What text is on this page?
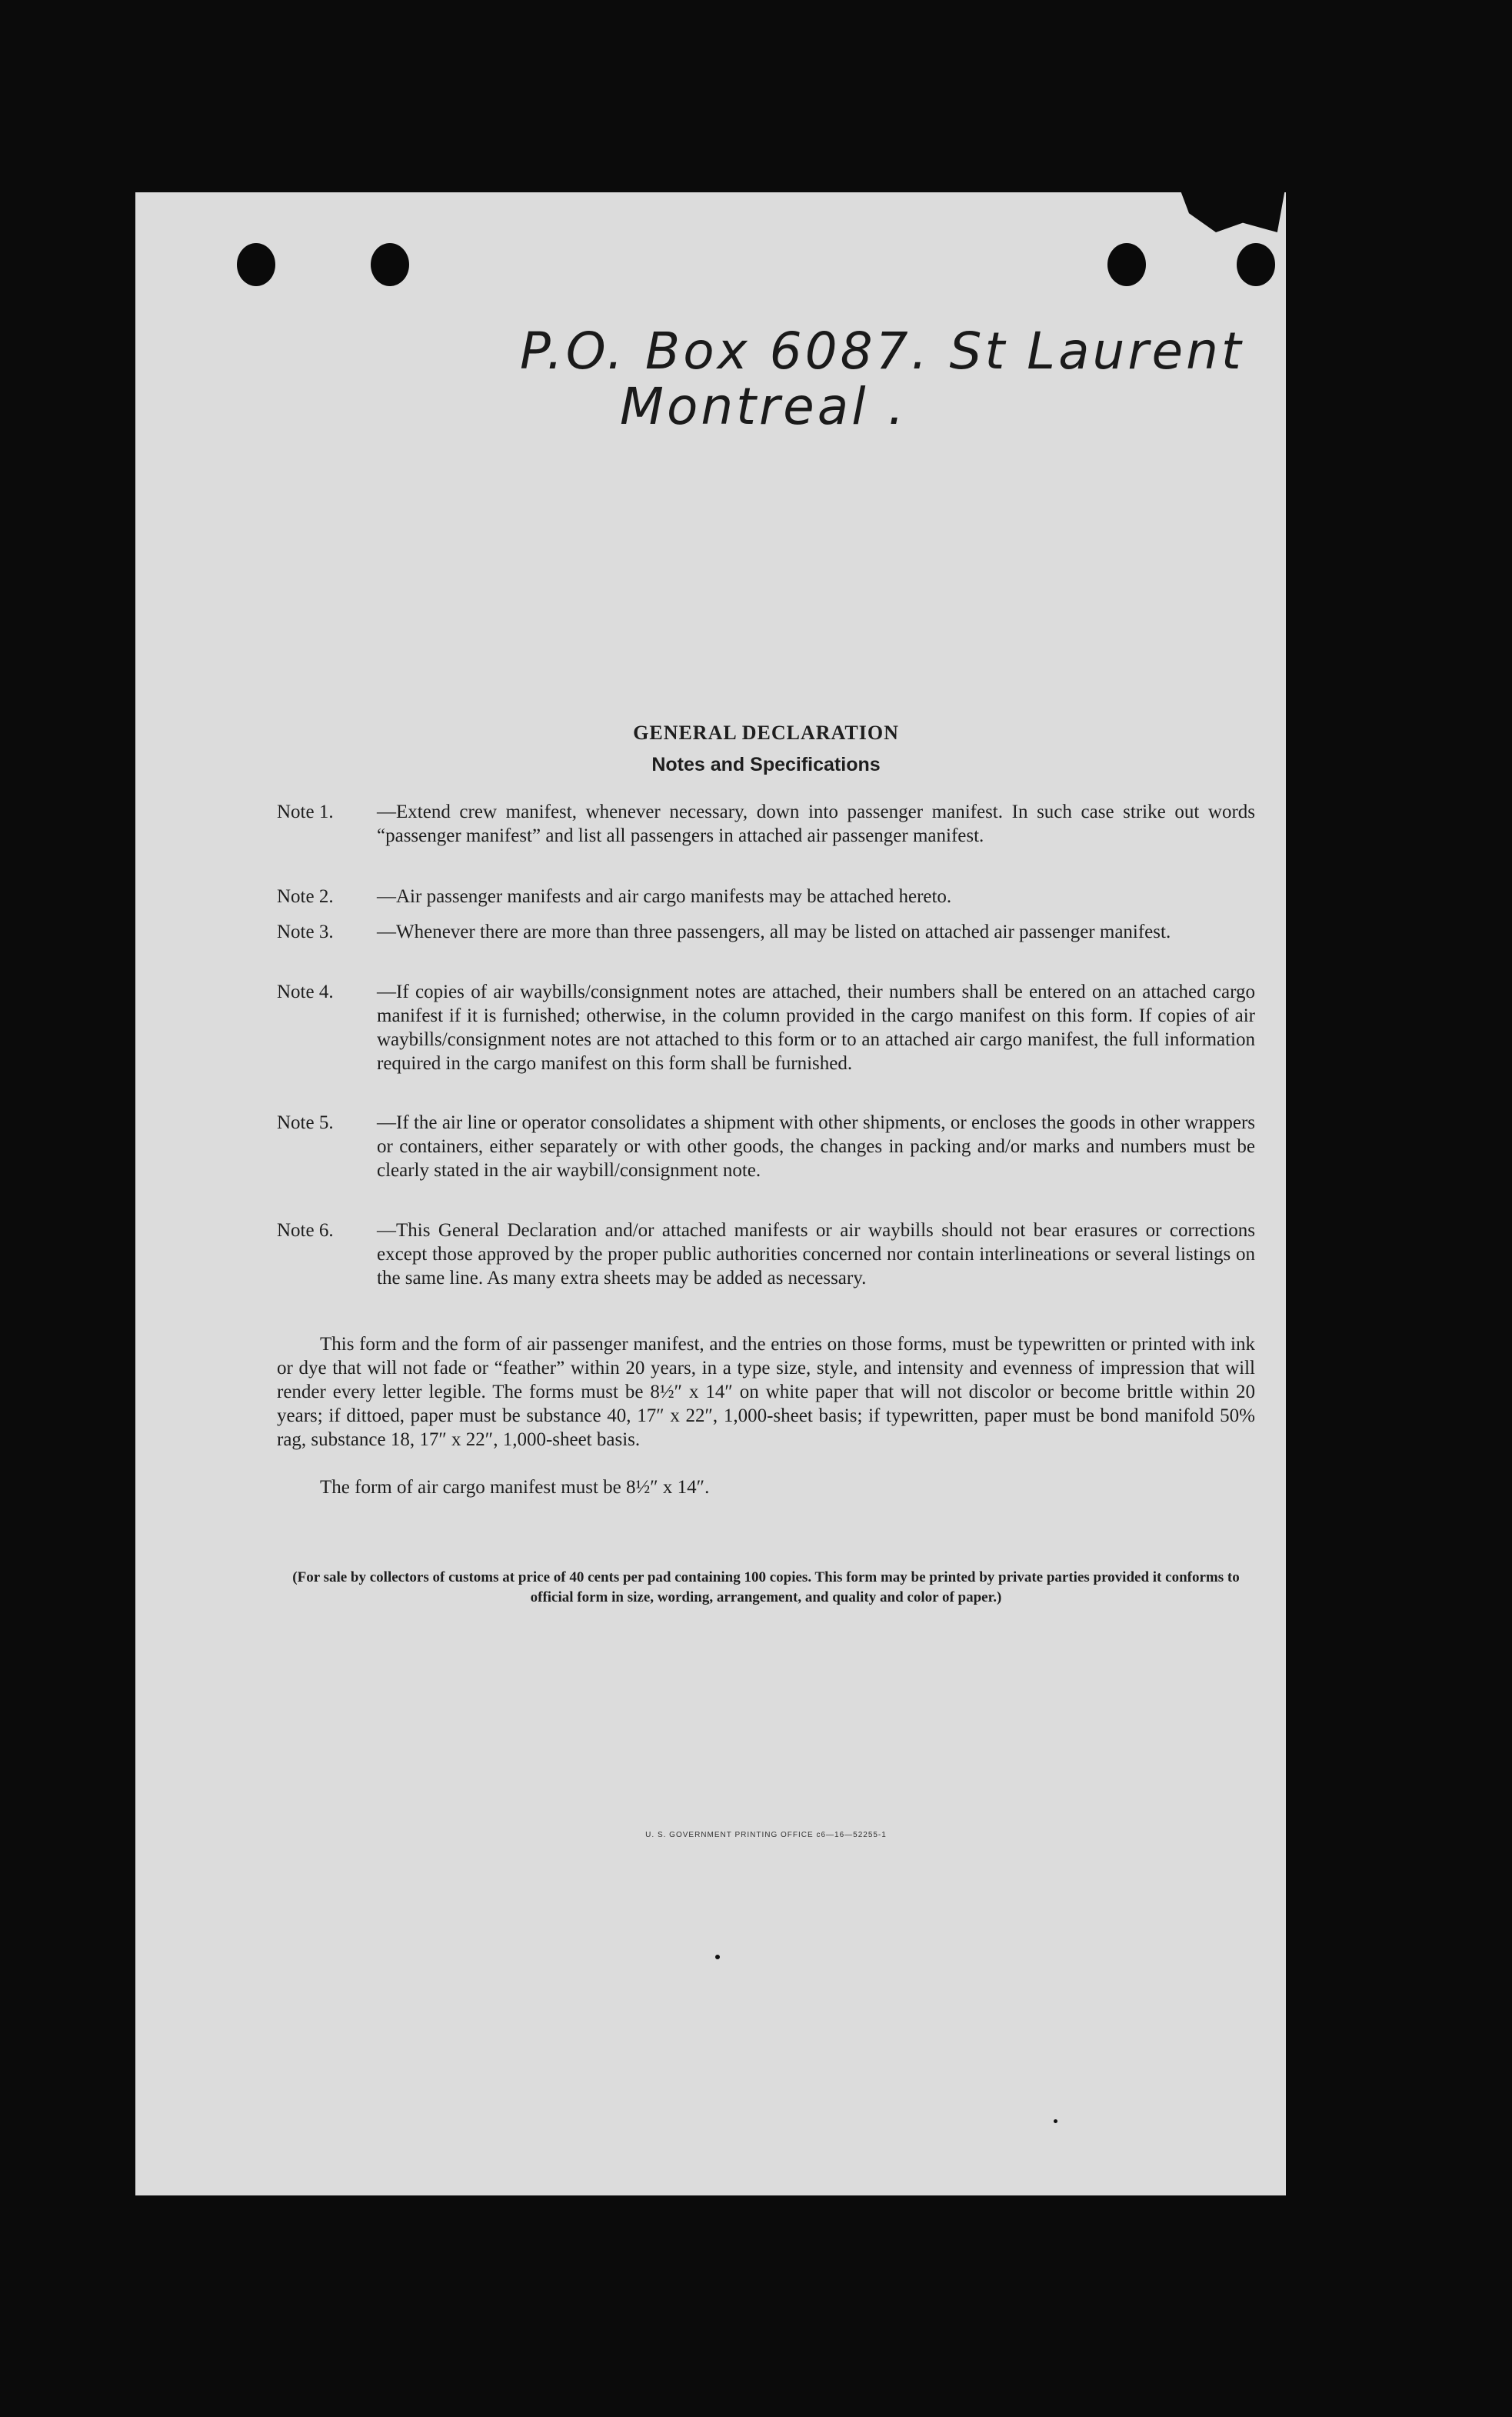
P.O. Box 6087. St Laurent
Montreal .
GENERAL DECLARATION
Notes and Specifications
Note 1.	—Extend crew manifest, whenever necessary, down into passenger manifest. In such case strike out words “passenger manifest” and list all passengers in attached air passenger manifest.
Note 2.	—Air passenger manifests and air cargo manifests may be attached hereto.
Note 3.	—Whenever there are more than three passengers, all may be listed on attached air passenger manifest.
Note 4.	—If copies of air waybills/consignment notes are attached, their numbers shall be entered on an attached cargo manifest if it is furnished; otherwise, in the column provided in the cargo manifest on this form. If copies of air waybills/consignment notes are not attached to this form or to an attached air cargo manifest, the full information required in the cargo manifest on this form shall be furnished.
Note 5.	—If the air line or operator consolidates a shipment with other shipments, or encloses the goods in other wrappers or containers, either separately or with other goods, the changes in packing and/or marks and numbers must be clearly stated in the air waybill/consignment note.
Note 6.	—This General Declaration and/or attached manifests or air waybills should not bear erasures or corrections except those approved by the proper public authorities concerned nor contain interlineations or several listings on the same line. As many extra sheets may be added as necessary.
This form and the form of air passenger manifest, and the entries on those forms, must be typewritten or printed with ink or dye that will not fade or “feather” within 20 years, in a type size, style, and intensity and evenness of impression that will render every letter legible. The forms must be 8½″ x 14″ on white paper that will not discolor or become brittle within 20 years; if dittoed, paper must be substance 40, 17″ x 22″, 1,000-sheet basis; if typewritten, paper must be bond manifold 50% rag, substance 18, 17″ x 22″, 1,000-sheet basis.
The form of air cargo manifest must be 8½″ x 14″.
(For sale by collectors of customs at price of 40 cents per pad containing 100 copies. This form may be printed by private parties provided it conforms to official form in size, wording, arrangement, and quality and color of paper.)
U. S. GOVERNMENT PRINTING OFFICE c6—16—52255-1
